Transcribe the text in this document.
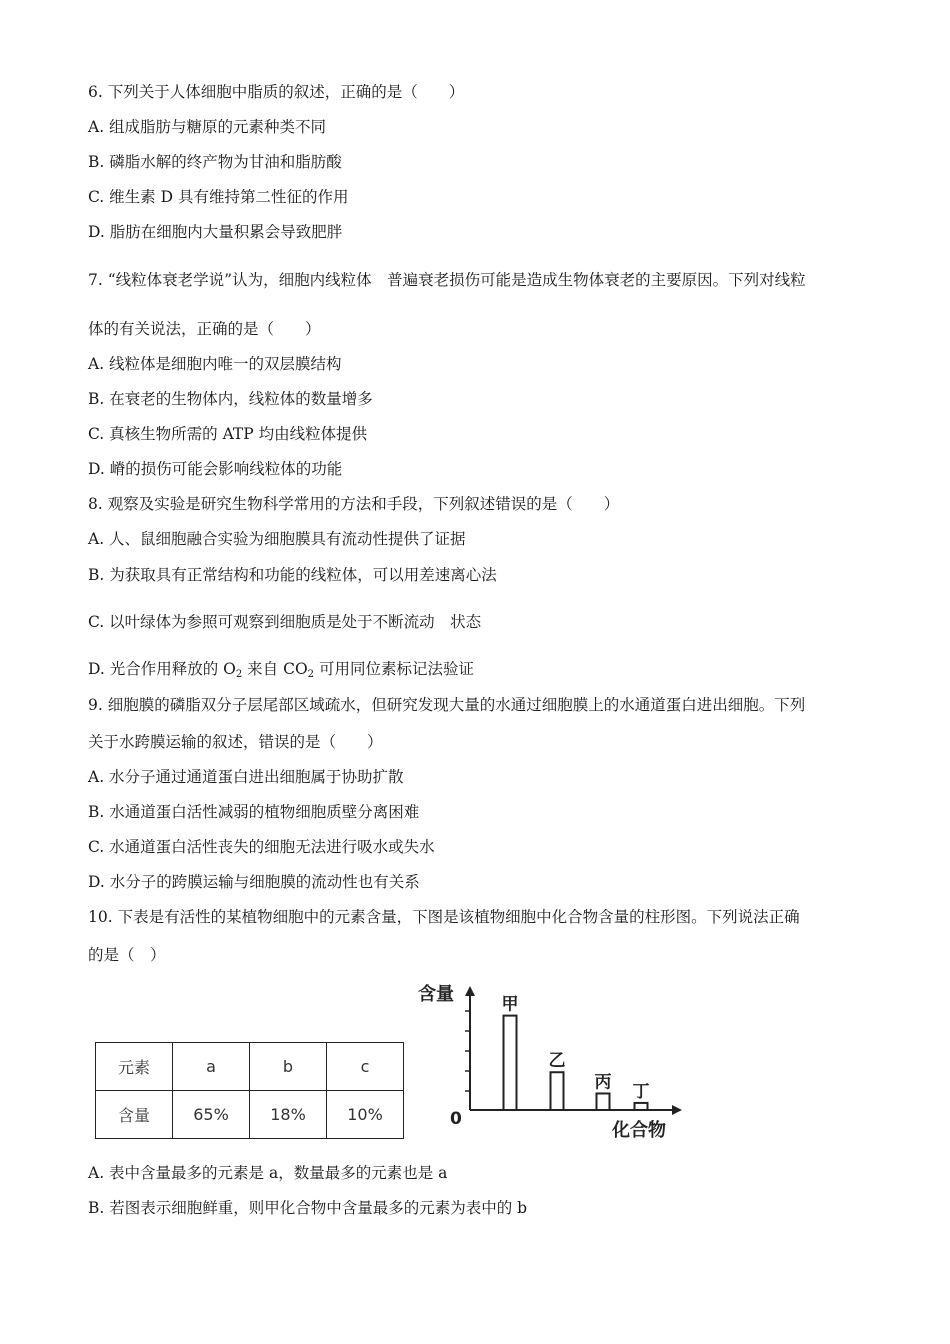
6. 下列关于人体细胞中脂质的叙述，正确的是（　　）
A. 组成脂肪与糖原的元素种类不同
B. 磷脂水解的终产物为甘油和脂肪酸
C. 维生素 D 具有维持第二性征的作用
D. 脂肪在细胞内大量积累会导致肥胖
7. “线粒体衰老学说”认为，细胞内线粒体　普遍衰老损伤可能是造成生物体衰老的主要原因。下列对线粒
体的有关说法，正确的是（　　）
A. 线粒体是细胞内唯一的双层膜结构
B. 在衰老的生物体内，线粒体的数量增多
C. 真核生物所需的 ATP 均由线粒体提供
D. 嵴的损伤可能会影响线粒体的功能
8. 观察及实验是研究生物科学常用的方法和手段，下列叙述错误的是（　　）
A. 人、鼠细胞融合实验为细胞膜具有流动性提供了证据
B. 为获取具有正常结构和功能的线粒体，可以用差速离心法
C. 以叶绿体为参照可观察到细胞质是处于不断流动　状态
D. 光合作用释放的 $O_2$ 来自 $CO_2$ 可用同位素标记法验证
9. 细胞膜的磷脂双分子层尾部区域疏水，但研究发现大量的水通过细胞膜上的水通道蛋白进出细胞。下列
关于水跨膜运输的叙述，错误的是（　　）
A. 水分子通过通道蛋白进出细胞属于协助扩散
B. 水通道蛋白活性减弱的植物细胞质壁分离困难
C. 水通道蛋白活性丧失的细胞无法进行吸水或失水
D. 水分子的跨膜运输与细胞膜的流动性也有关系
10. 下表是有活性的某植物细胞中的元素含量，下图是该植物细胞中化合物含量的柱形图。下列说法正确
的是（　）
元素	a	b	c
含量	65%	18%	10%
含量
0
化合物
甲
乙
丙 丁
A. 表中含量最多的元素是 a，数量最多的元素也是 a
B. 若图表示细胞鲜重，则甲化合物中含量最多的元素为表中的 b
